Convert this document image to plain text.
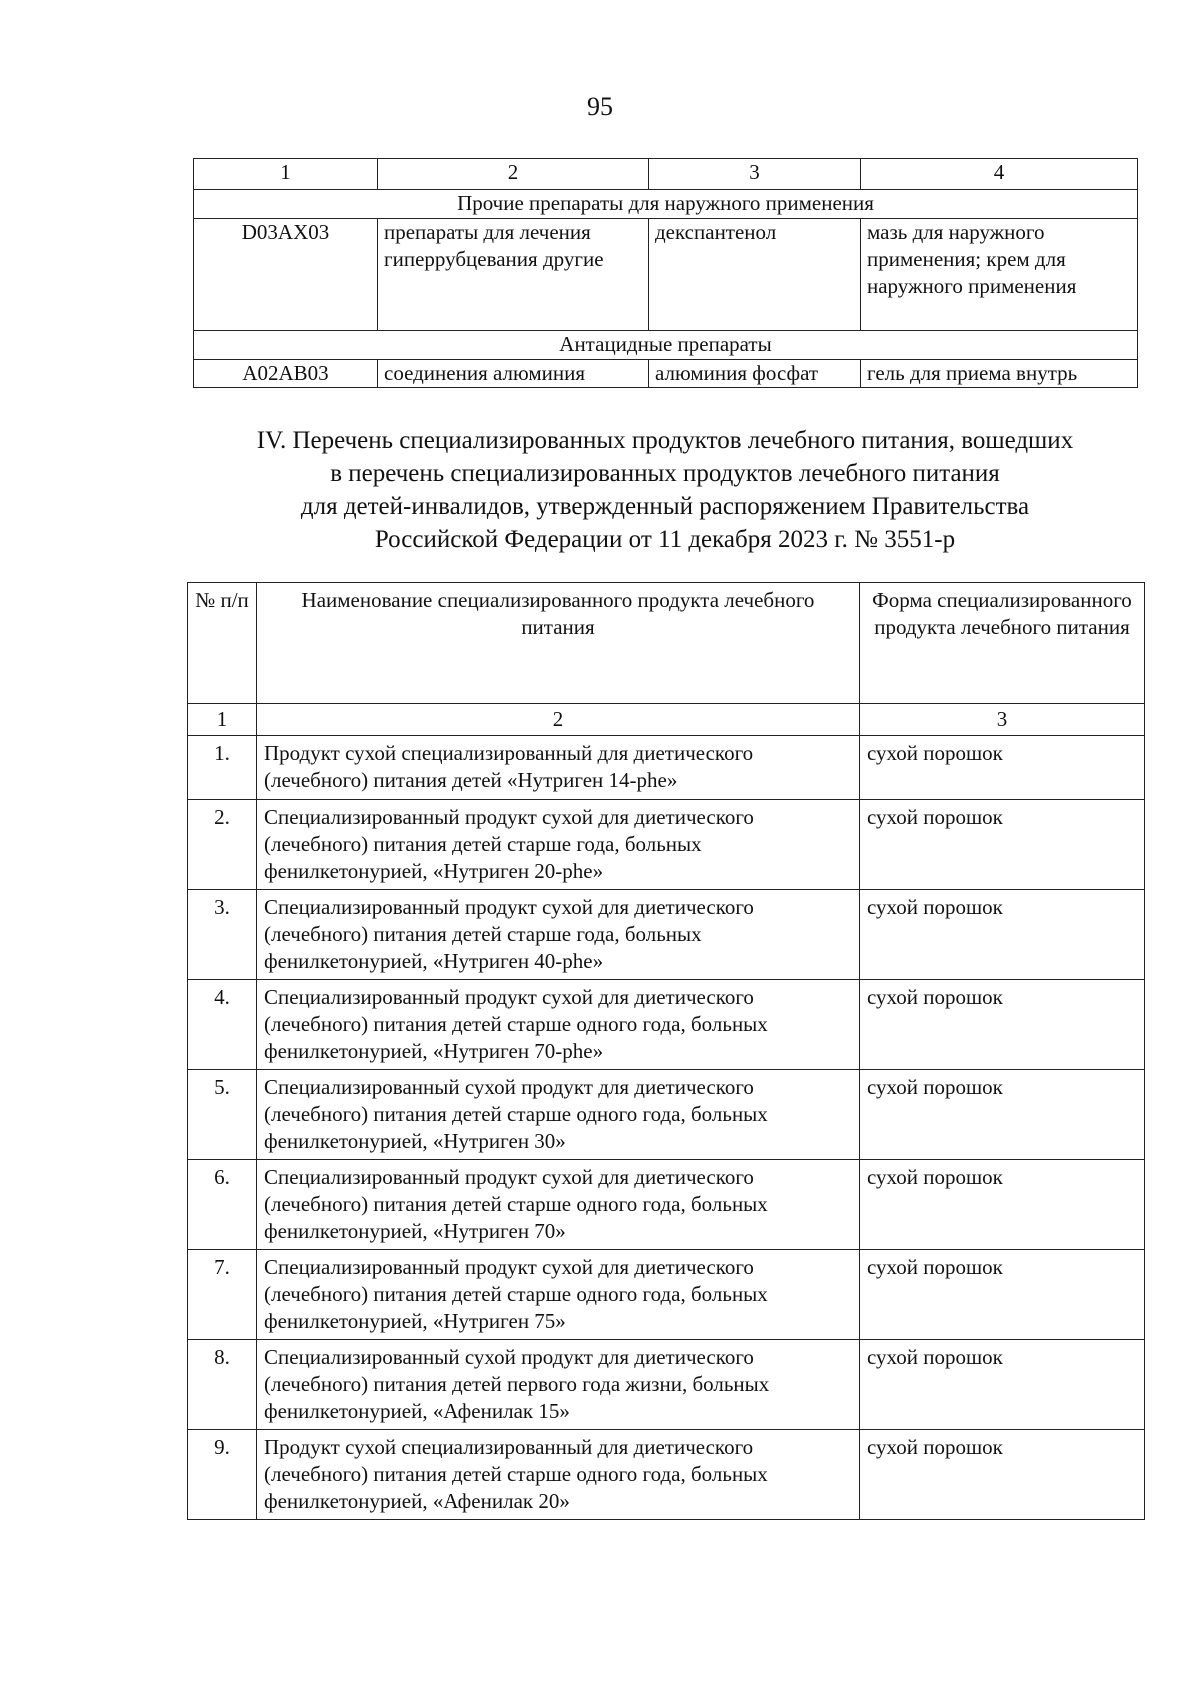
95
1	2	3	4
Прочие препараты для наружного применения			
D03AX03	препараты для лечения гиперрубцевания другие	декспантенол	мазь для наружного применения; крем для наружного применения
Антацидные препараты			
A02AB03	соединения алюминия	алюминия фосфат	гель для приема внутрь
IV. Перечень специализированных продуктов лечебного питания, вошедших
в перечень специализированных продуктов лечебного питания
для детей-инвалидов, утвержденный распоряжением Правительства
Российской Федерации от 11 декабря 2023 г. № 3551-р
№ п/п	Наименование специализированного продукта лечебного питания	Форма специализированного продукта лечебного питания
1	2	3
1.	Продукт сухой специализированный для диетического (лечебного) питания детей «Нутриген 14-phe»	сухой порошок
2.	Специализированный продукт сухой для диетического (лечебного) питания детей старше года, больных фенилкетонурией, «Нутриген 20-phe»	сухой порошок
3.	Специализированный продукт сухой для диетического (лечебного) питания детей старше года, больных фенилкетонурией, «Нутриген 40-phe»	сухой порошок
4.	Специализированный продукт сухой для диетического (лечебного) питания детей старше одного года, больных фенилкетонурией, «Нутриген 70-phe»	сухой порошок
5.	Специализированный сухой продукт для диетического (лечебного) питания детей старше одного года, больных фенилкетонурией, «Нутриген 30»	сухой порошок
6.	Специализированный продукт сухой для диетического (лечебного) питания детей старше одного года, больных фенилкетонурией, «Нутриген 70»	сухой порошок
7.	Специализированный продукт сухой для диетического (лечебного) питания детей старше одного года, больных фенилкетонурией, «Нутриген 75»	сухой порошок
8.	Специализированный сухой продукт для диетического (лечебного) питания детей первого года жизни, больных фенилкетонурией, «Афенилак 15»	сухой порошок
9.	Продукт сухой специализированный для диетического (лечебного) питания детей старше одного года, больных фенилкетонурией, «Афенилак 20»	сухой порошок
